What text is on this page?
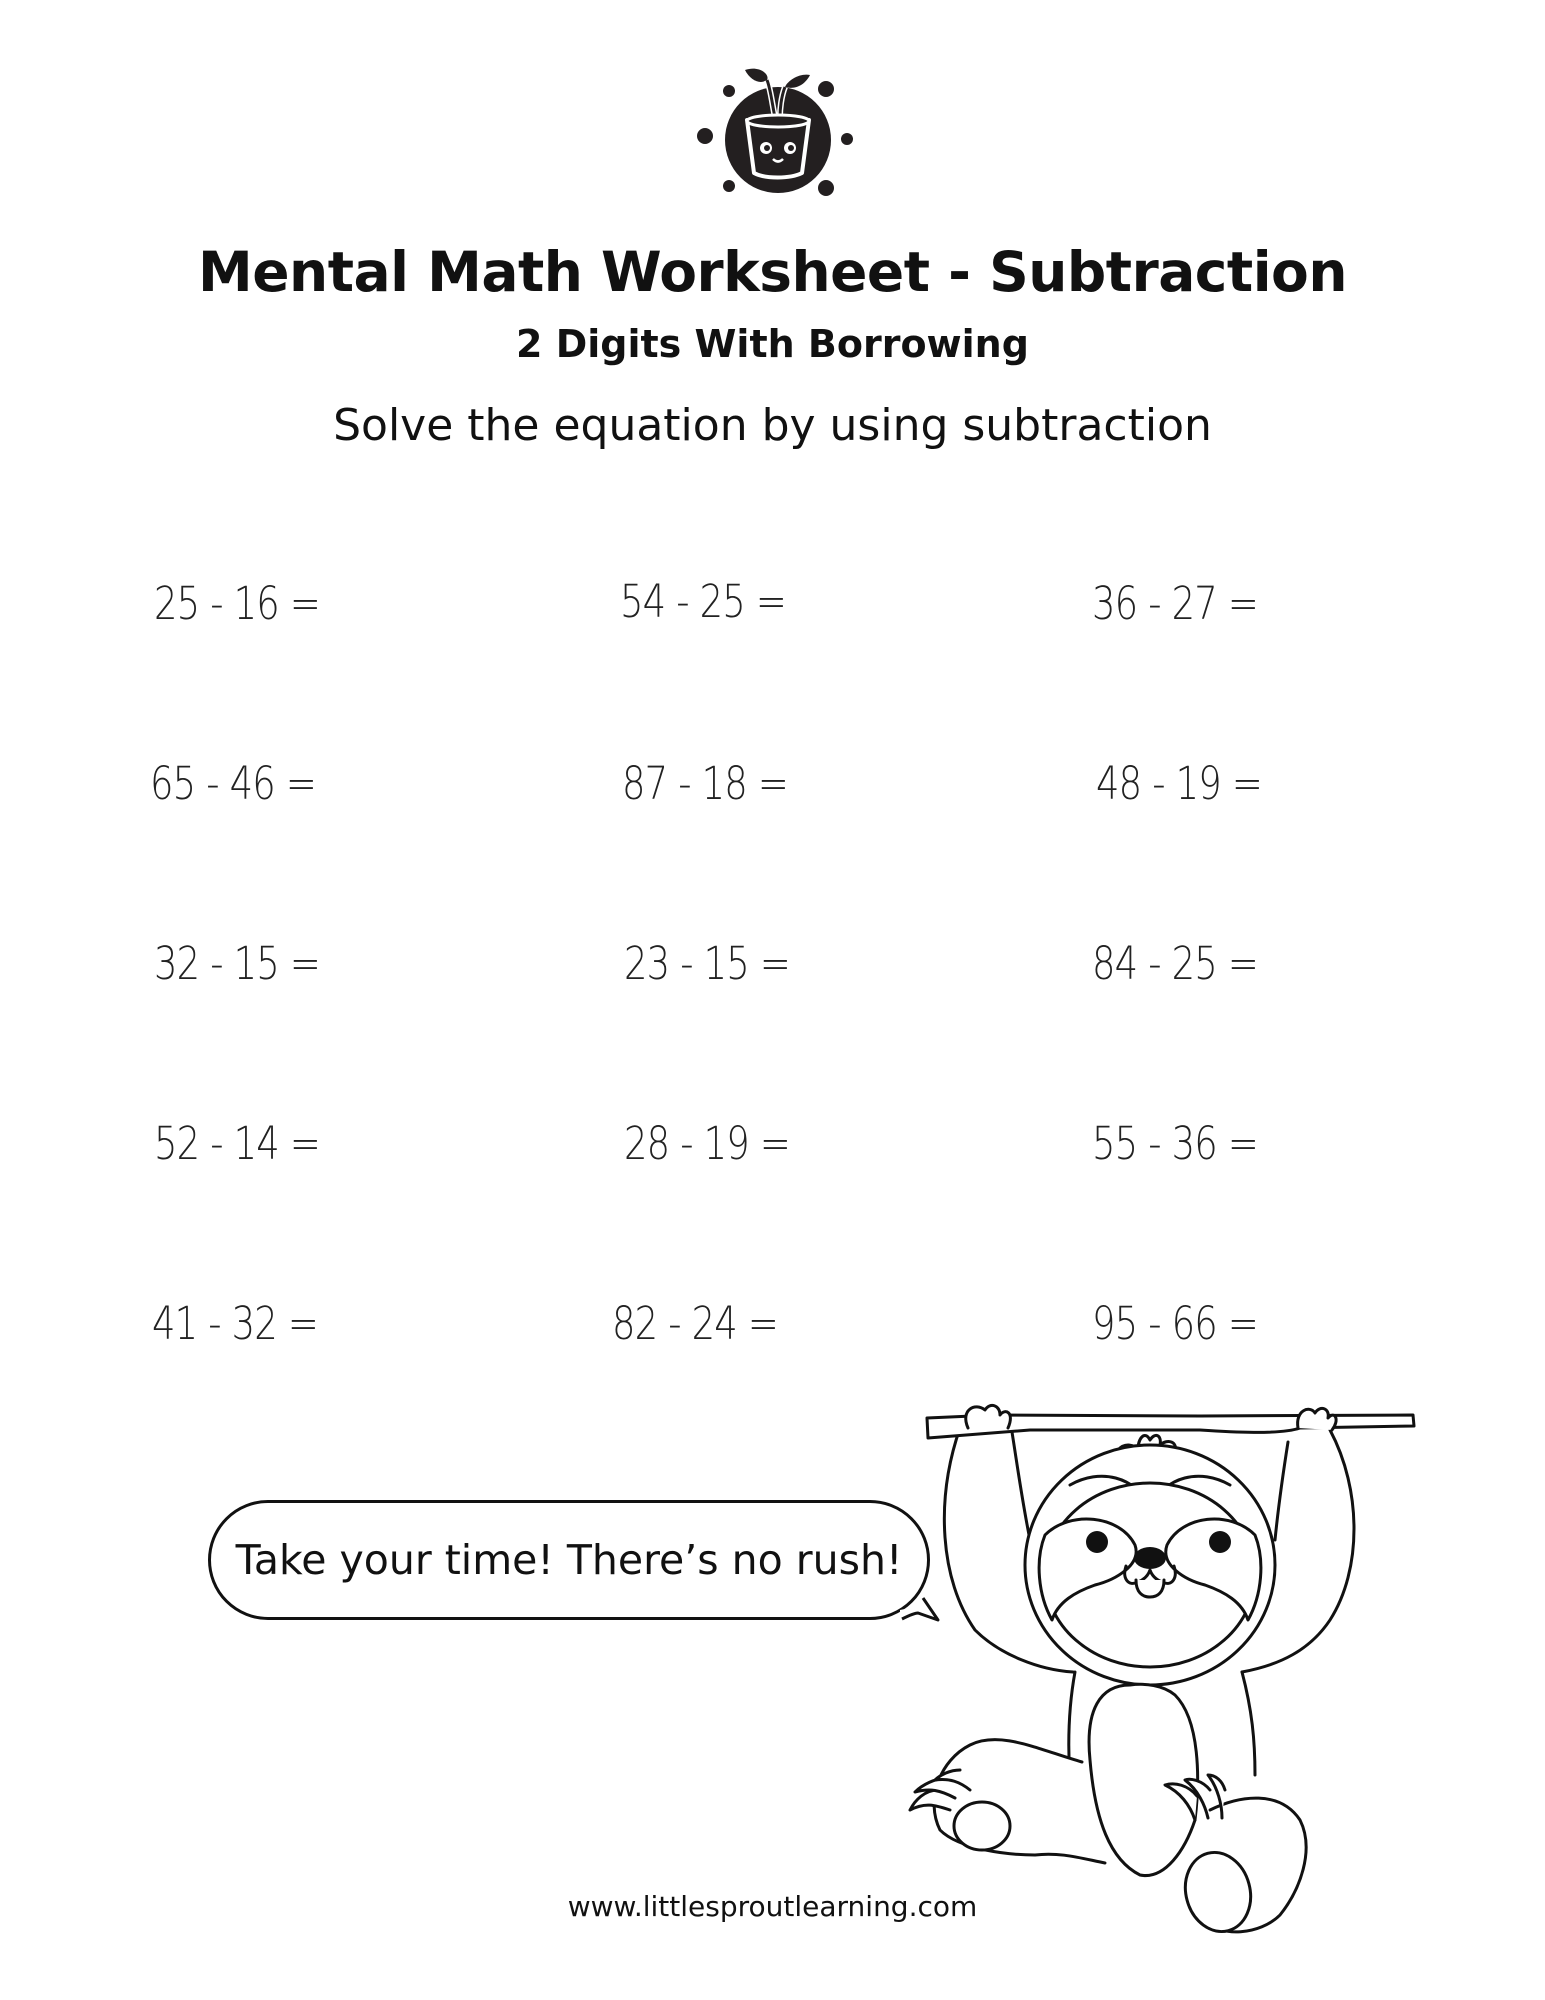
Mental Math Worksheet - Subtraction
2 Digits With Borrowing
Solve the equation by using subtraction
25 - 16 =	54 - 25 =	36 - 27 =
65 - 46 =	87 - 18 =	48 - 19 =
32 - 15 =	23 - 15 =	84 - 25 =
52 - 14 =	28 - 19 =	55 - 36 =
41 - 32 =	82 - 24 =	95 - 66 =
Take your time! There’s no rush!
www.littlesproutlearning.com
